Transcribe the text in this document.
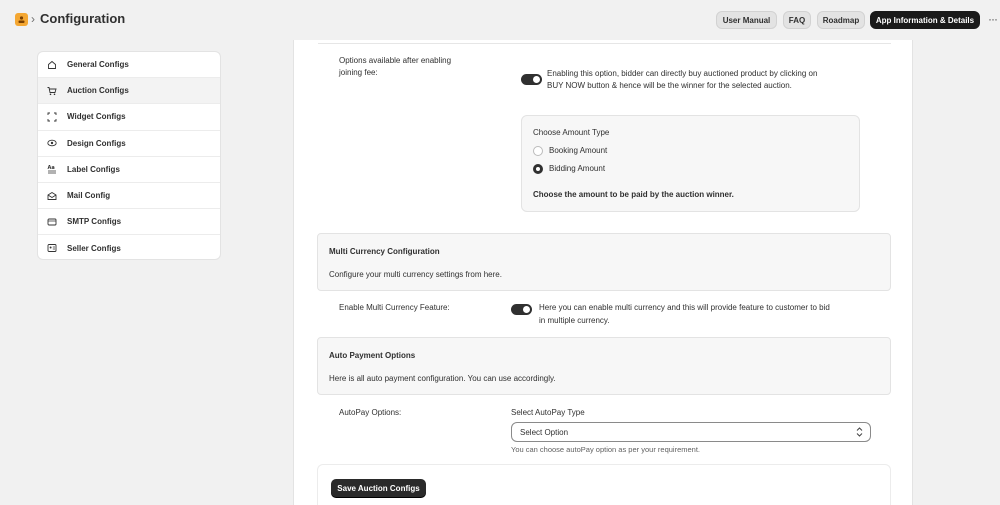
› Configuration	User Manual	FAQ	Roadmap	App Information & Details	···
General Configs
Auction Configs
Widget Configs
Design Configs
Aa Label Configs
Mail Config
SMTP Configs
Seller Configs
Options available after enabling
joining fee:	Enabling this option, bidder can directly buy auctioned product by clicking on
BUY NOW button & hence will be the winner for the selected auction.
Choose Amount Type
Booking Amount
Bidding Amount
Choose the amount to be paid by the auction winner.
Multi Currency Configuration
Configure your multi currency settings from here.
Enable Multi Currency Feature:	Here you can enable multi currency and this will provide feature to customer to bid
in multiple currency.
Auto Payment Options
Here is all auto payment configuration. You can use accordingly.
AutoPay Options:	Select AutoPay Type
Select Option
You can choose autoPay option as per your requirement.
Save Auction Configs
